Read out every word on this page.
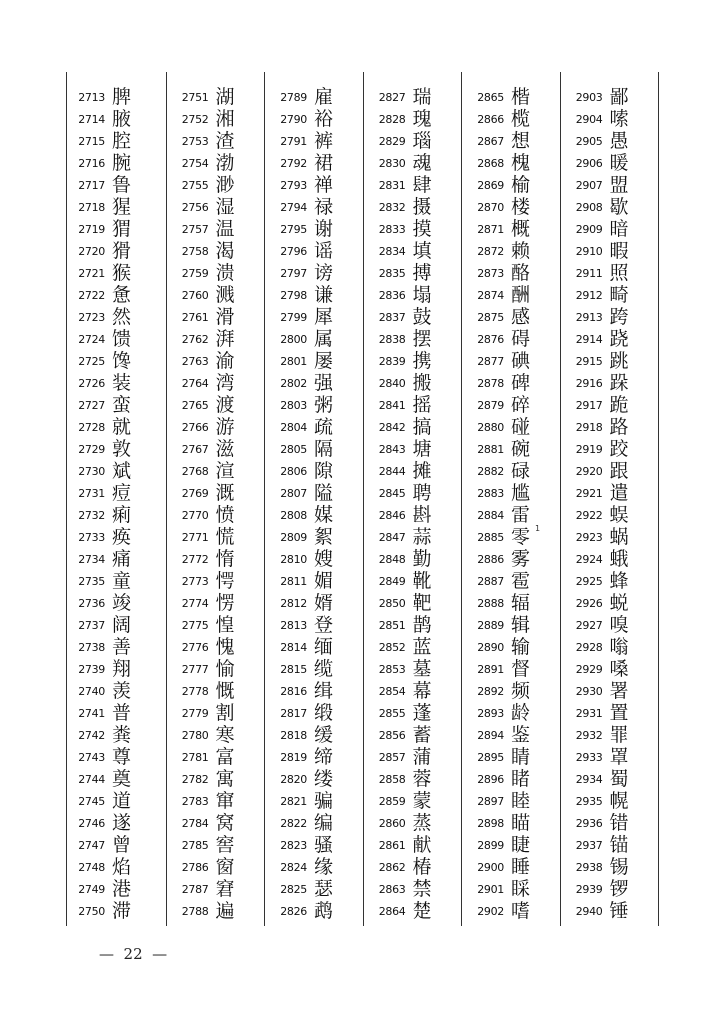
2713 脾
2714 腋
2715 腔
2716 腕
2717 鲁
2718 猩
2719 猬
2720 猾
2721 猴
2722 惫
2723 然
2724 馈
2725 馋
2726 装
2727 蛮
2728 就
2729 敦
2730 斌
2731 痘
2732 痢
2733 痪
2734 痛
2735 童
2736 竣
2737 阔
2738 善
2739 翔
2740 羡
2741 普
2742 粪
2743 尊
2744 奠
2745 道
2746 遂
2747 曾
2748 焰
2749 港
2750 滞
2751 湖
2752 湘
2753 渣
2754 渤
2755 渺
2756 湿
2757 温
2758 渴
2759 溃
2760 溅
2761 滑
2762 湃
2763 渝
2764 湾
2765 渡
2766 游
2767 滋
2768 渲
2769 溉
2770 愤
2771 慌
2772 惰
2773 愕
2774 愣
2775 惶
2776 愧
2777 愉
2778 慨
2779 割
2780 寒
2781 富
2782 寓
2783 窜
2784 窝
2785 窖
2786 窗
2787 窘
2788 遍
2789 雇
2790 裕
2791 裤
2792 裙
2793 禅
2794 禄
2795 谢
2796 谣
2797 谤
2798 谦
2799 犀
2800 属
2801 屡
2802 强
2803 粥
2804 疏
2805 隔
2806 隙
2807 隘
2808 媒
2809 絮
2810 嫂
2811 媚
2812 婿
2813 登
2814 缅
2815 缆
2816 缉
2817 缎
2818 缓
2819 缔
2820 缕
2821 骗
2822 编
2823 骚
2824 缘
2825 瑟
2826 鹉
2827 瑞
2828 瑰
2829 瑙
2830 魂
2831 肆
2832 摄
2833 摸
2834 填
2835 搏
2836 塌
2837 鼓
2838 摆
2839 携
2840 搬
2841 摇
2842 搞
2843 塘
2844 摊
2845 聘
2846 斟
2847 蒜
2848 勤
2849 靴
2850 靶
2851 鹊
2852 蓝
2853 墓
2854 幕
2855 蓬
2856 蓄
2857 蒲
2858 蓉
2859 蒙
2860 蒸
2861 献
2862 椿
2863 禁
2864 楚
2865 楷
2866 榄
2867 想
2868 槐
2869 榆
2870 楼
2871 概
2872 赖
2873 酪
2874 酬
2875 感
2876 碍
2877 碘
2878 碑
2879 碎
2880 碰
2881 碗
2882 碌
2883 尴
2884 雷
2885 零
2886 雾
2887 雹
2888 辐
2889 辑
2890 输
2891 督
2892 频
2893 龄
2894 鉴
2895 睛
2896 睹
2897 睦
2898 瞄
2899 睫
2900 睡
2901 睬
2902 嗜
2903 鄙
2904 嗦
2905 愚
2906 暖
2907 盟
2908 歇
2909 暗
2910 暇
2911 照
2912 畸
2913 跨
2914 跷
2915 跳
2916 跺
2917 跪
2918 路
2919 跤
2920 跟
2921 遣
2922 蜈
2923 蜗
2924 蛾
2925 蜂
2926 蜕
2927 嗅
2928 嗡
2929 嗓
2930 署
2931 置
2932 罪
2933 罩
2934 蜀
2935 幌
2936 错
2937 锚
2938 锡
2939 锣
2940 锤
1
—  22  —
